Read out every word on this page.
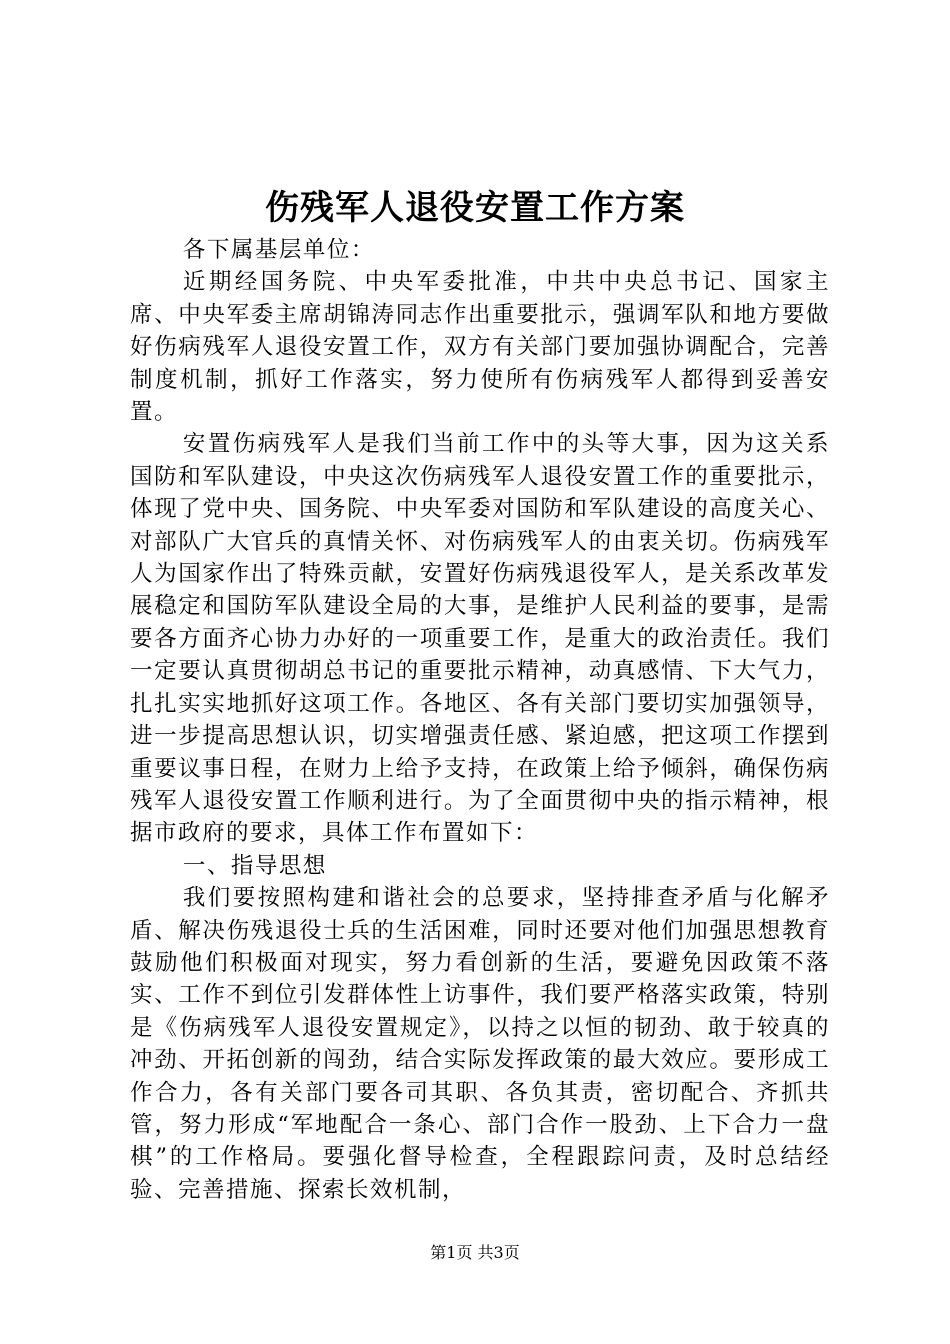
伤残军人退役安置工作方案

各下属基层单位：

近期经国务院、中央军委批准，中共中央总书记、国家主席、中央军委主席胡锦涛同志作出重要批示，强调军队和地方要做好伤病残军人退役安置工作，双方有关部门要加强协调配合，完善制度机制，抓好工作落实，努力使所有伤病残军人都得到妥善安置。

安置伤病残军人是我们当前工作中的头等大事，因为这关系国防和军队建设，中央这次伤病残军人退役安置工作的重要批示，体现了党中央、国务院、中央军委对国防和军队建设的高度关心、对部队广大官兵的真情关怀、对伤病残军人的由衷关切。伤病残军人为国家作出了特殊贡献，安置好伤病残退役军人，是关系改革发展稳定和国防军队建设全局的大事，是维护人民利益的要事，是需要各方面齐心协力办好的一项重要工作，是重大的政治责任。我们一定要认真贯彻胡总书记的重要批示精神，动真感情、下大气力，扎扎实实地抓好这项工作。各地区、各有关部门要切实加强领导，进一步提高思想认识，切实增强责任感、紧迫感，把这项工作摆到重要议事日程，在财力上给予支持，在政策上给予倾斜，确保伤病残军人退役安置工作顺利进行。为了全面贯彻中央的指示精神，根据市政府的要求，具体工作布置如下：

一、指导思想

我们要按照构建和谐社会的总要求，坚持排查矛盾与化解矛盾、解决伤残退役士兵的生活困难，同时还要对他们加强思想教育鼓励他们积极面对现实，努力看创新的生活，要避免因政策不落实、工作不到位引发群体性上访事件，我们要严格落实政策，特别是《伤病残军人退役安置规定》，以持之以恒的韧劲、敢于较真的冲劲、开拓创新的闯劲，结合实际发挥政策的最大效应。要形成工作合力，各有关部门要各司其职、各负其责，密切配合、齐抓共管，努力形成“军地配合一条心、部门合作一股劲、上下合力一盘棋”的工作格局。要强化督导检查，全程跟踪问责，及时总结经验、完善措施、探索长效机制，

第1页 共3页
